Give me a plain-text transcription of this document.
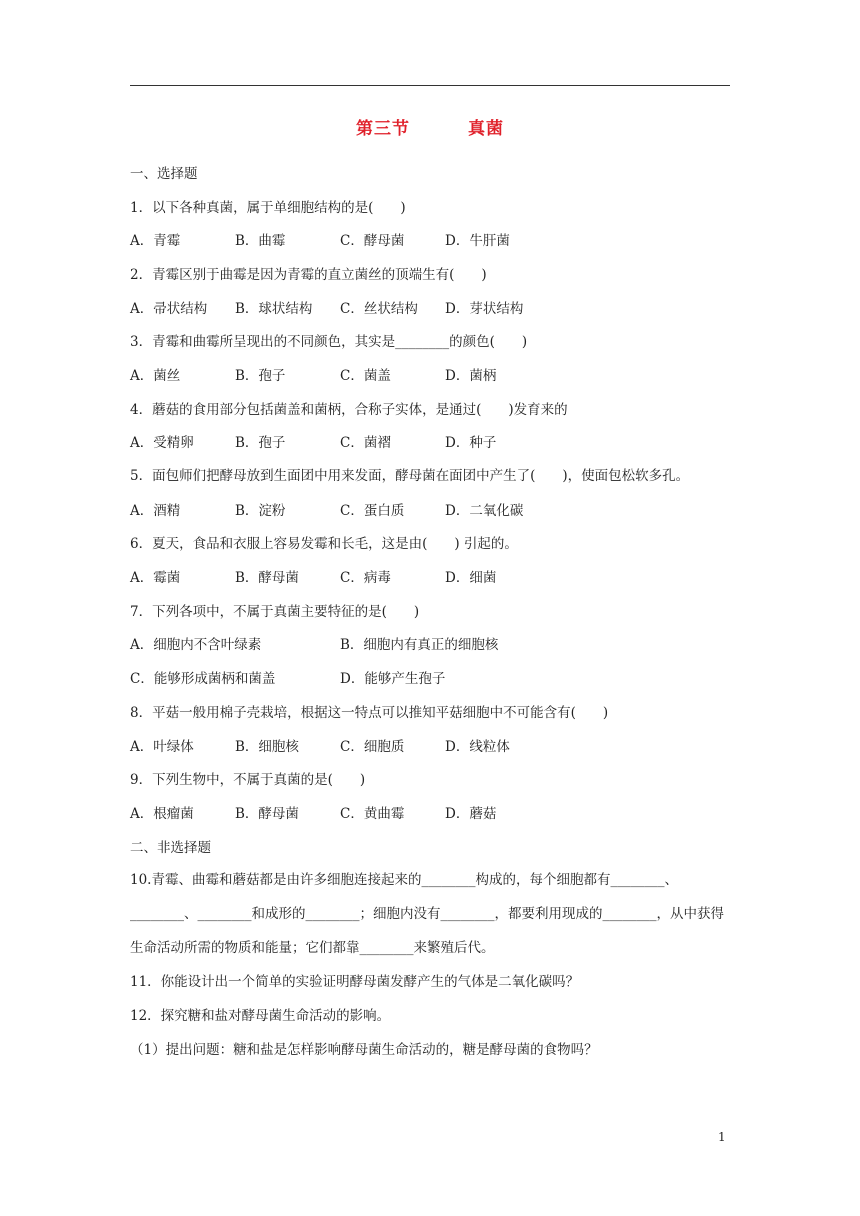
第三节	真菌
一、选择题
1．以下各种真菌，属于单细胞结构的是(　　)
A．青霉	B．曲霉	C．酵母菌	D．牛肝菌
2．青霉区别于曲霉是因为青霉的直立菌丝的顶端生有(　　)
A．帚状结构	B．球状结构	C．丝状结构	D．芽状结构
3．青霉和曲霉所呈现出的不同颜色，其实是________的颜色(　　)
A．菌丝	B．孢子	C．菌盖	D．菌柄
4．蘑菇的食用部分包括菌盖和菌柄，合称子实体，是通过(　　)发育来的
A．受精卵	B．孢子	C．菌褶	D．种子
5．面包师们把酵母放到生面团中用来发面，酵母菌在面团中产生了(　　)，使面包松软多孔。
A．酒精	B．淀粉	C．蛋白质	D．二氧化碳
6．夏天，食品和衣服上容易发霉和长毛，这是由(　　) 引起的。
A．霉菌	B．酵母菌	C．病毒	D．细菌
7．下列各项中，不属于真菌主要特征的是(　　)
A．细胞内不含叶绿素	B．细胞内有真正的细胞核
C．能够形成菌柄和菌盖	D．能够产生孢子
8．平菇一般用棉子壳栽培，根据这一特点可以推知平菇细胞中不可能含有(　　)
A．叶绿体	B．细胞核	C．细胞质	D．线粒体
9．下列生物中，不属于真菌的是(　　)
A．根瘤菌	B．酵母菌	C．黄曲霉	D．蘑菇
二、非选择题
10.青霉、曲霉和蘑菇都是由许多细胞连接起来的________构成的，每个细胞都有________、________、________和成形的________；细胞内没有________，都要利用现成的________，从中获得生命活动所需的物质和能量；它们都靠________来繁殖后代。
11．你能设计出一个简单的实验证明酵母菌发酵产生的气体是二氧化碳吗？
12．探究糖和盐对酵母菌生命活动的影响。
（1）提出问题：糖和盐是怎样影响酵母菌生命活动的，糖是酵母菌的食物吗？
1
